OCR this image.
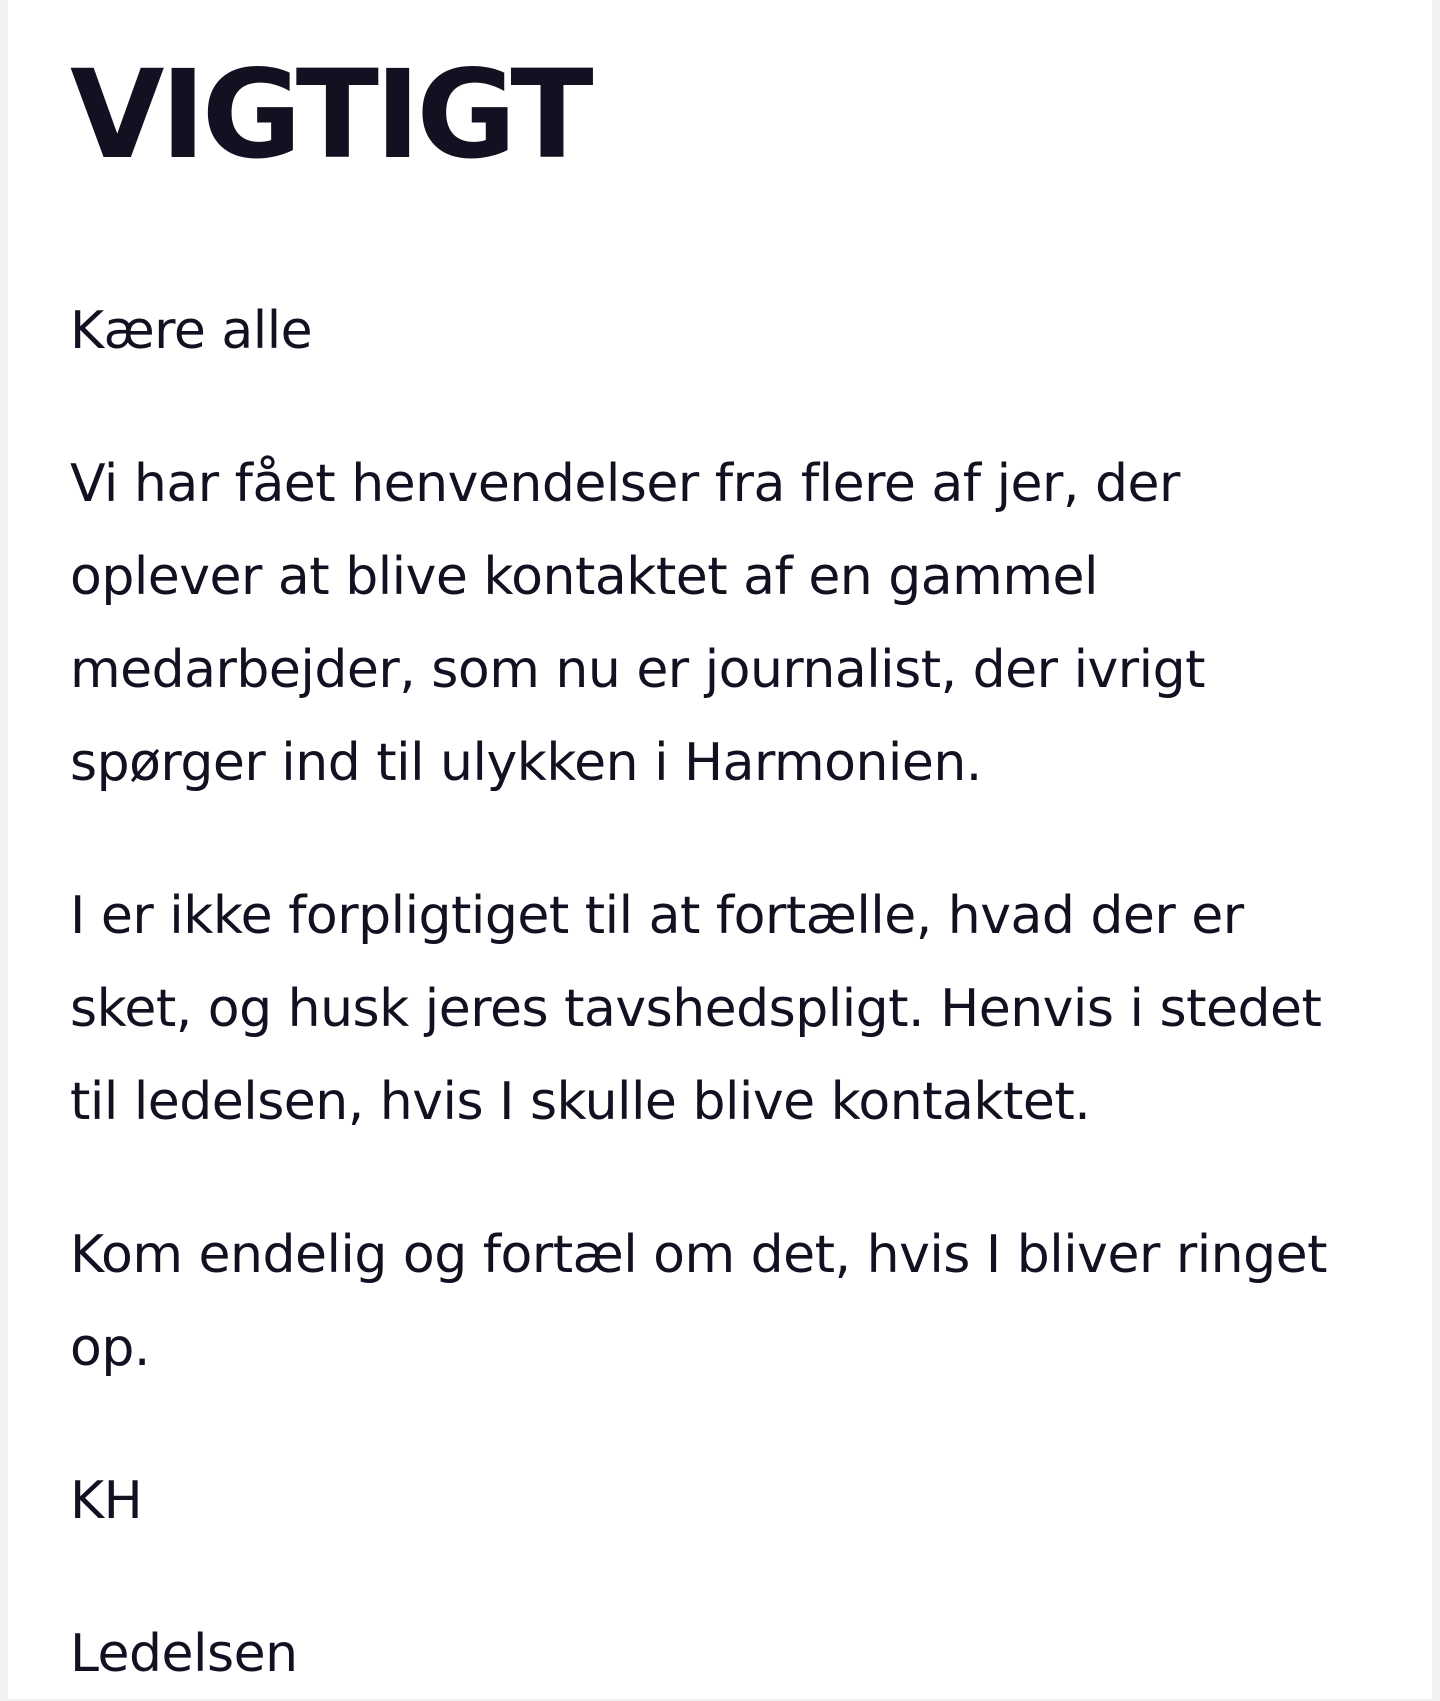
VIGTIGT

Kære alle

Vi har fået henvendelser fra flere af jer, der oplever at blive kontaktet af en gammel medarbejder, som nu er journalist, der ivrigt spørger ind til ulykken i Harmonien.

I er ikke forpligtiget til at fortælle, hvad der er sket, og husk jeres tavshedspligt. Henvis i stedet til ledelsen, hvis I skulle blive kontaktet.

Kom endelig og fortæl om det, hvis I bliver ringet op.

KH

Ledelsen
